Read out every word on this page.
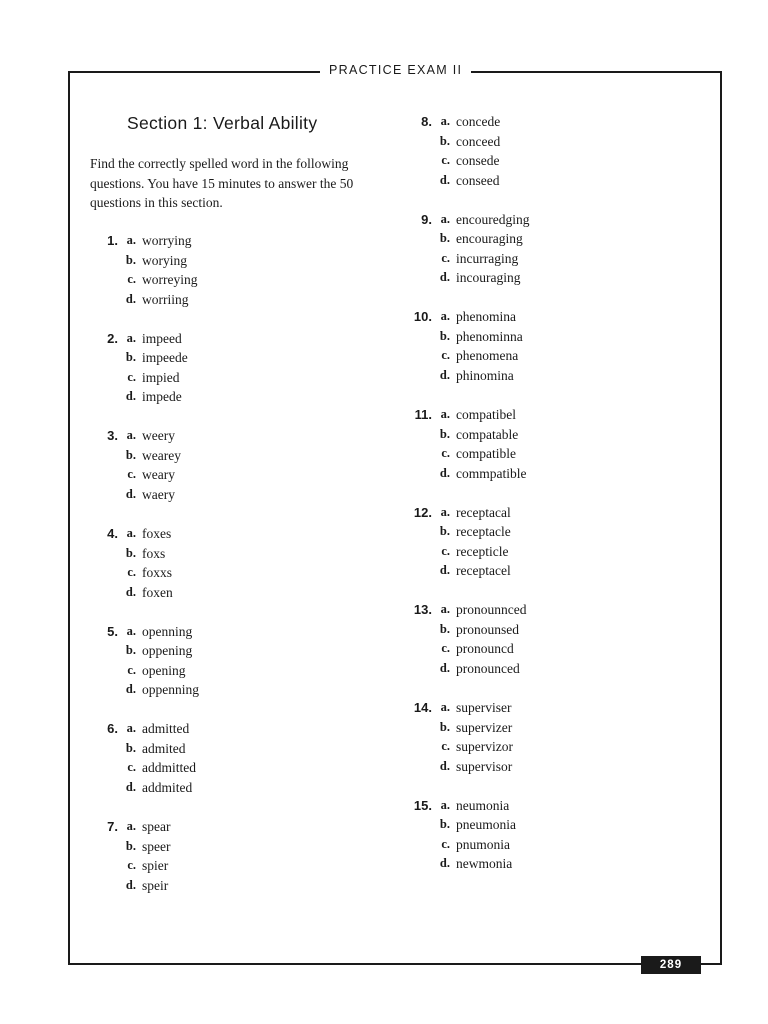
PRACTICE EXAM II
Section 1: Verbal Ability

Find the correctly spelled word in the following questions. You have 15 minutes to answer the 50 questions in this section.

1. a. worrying
b. worying
c. worreying
d. worriing
2. a. impeed
b. impeede
c. impied
d. impede
3. a. weery
b. wearey
c. weary
d. waery
4. a. foxes
b. foxs
c. foxxs
d. foxen
5. a. openning
b. oppening
c. opening
d. oppenning
6. a. admitted
b. admited
c. addmitted
d. addmited
7. a. spear
b. speer
c. spier
d. speir
8. a. concede
b. conceed
c. consede
d. conseed
9. a. encouredging
b. encouraging
c. incurraging
d. incouraging
10. a. phenomina
b. phenominna
c. phenomena
d. phinomina
11. a. compatibel
b. compatable
c. compatible
d. commpatible
12. a. receptacal
b. receptacle
c. recepticle
d. receptacel
13. a. pronounnced
b. pronounsed
c. pronouncd
d. pronounced
14. a. superviser
b. supervizer
c. supervizor
d. supervisor
15. a. neumonia
b. pneumonia
c. pnumonia
d. newmonia
289
